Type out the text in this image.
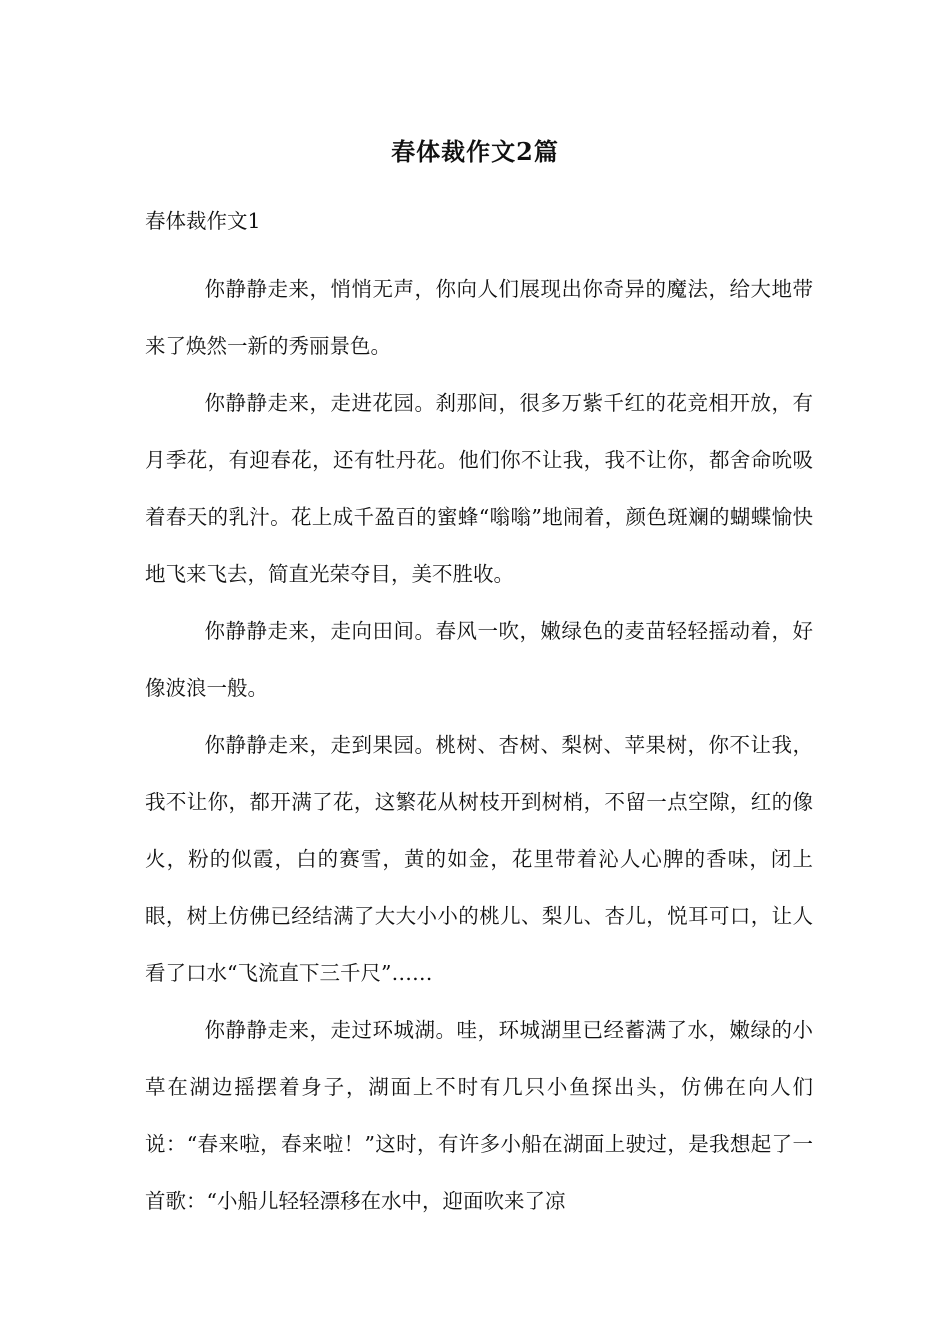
春体裁作文2篇
春体裁作文1

你静静走来，悄悄无声，你向人们展现出你奇异的魔法，给大地带来了焕然一新的秀丽景色。

你静静走来，走进花园。刹那间，很多万紫千红的花竞相开放，有月季花，有迎春花，还有牡丹花。他们你不让我，我不让你，都舍命吮吸着春天的乳汁。花上成千盈百的蜜蜂“嗡嗡”地闹着，颜色斑斓的蝴蝶愉快地飞来飞去，简直光荣夺目，美不胜收。

你静静走来，走向田间。春风一吹，嫩绿色的麦苗轻轻摇动着，好像波浪一般。

你静静走来，走到果园。桃树、杏树、梨树、苹果树，你不让我，我不让你，都开满了花，这繁花从树枝开到树梢，不留一点空隙，红的像火，粉的似霞，白的赛雪，黄的如金，花里带着沁人心脾的香味，闭上眼，树上仿佛已经结满了大大小小的桃儿、梨儿、杏儿，悦耳可口，让人看了口水“飞流直下三千尺”……

你静静走来，走过环城湖。哇，环城湖里已经蓄满了水，嫩绿的小草在湖边摇摆着身子，湖面上不时有几只小鱼探出头，仿佛在向人们说：“春来啦，春来啦！”这时，有许多小船在湖面上驶过，是我想起了一首歌：“小船儿轻轻漂移在水中，迎面吹来了凉
